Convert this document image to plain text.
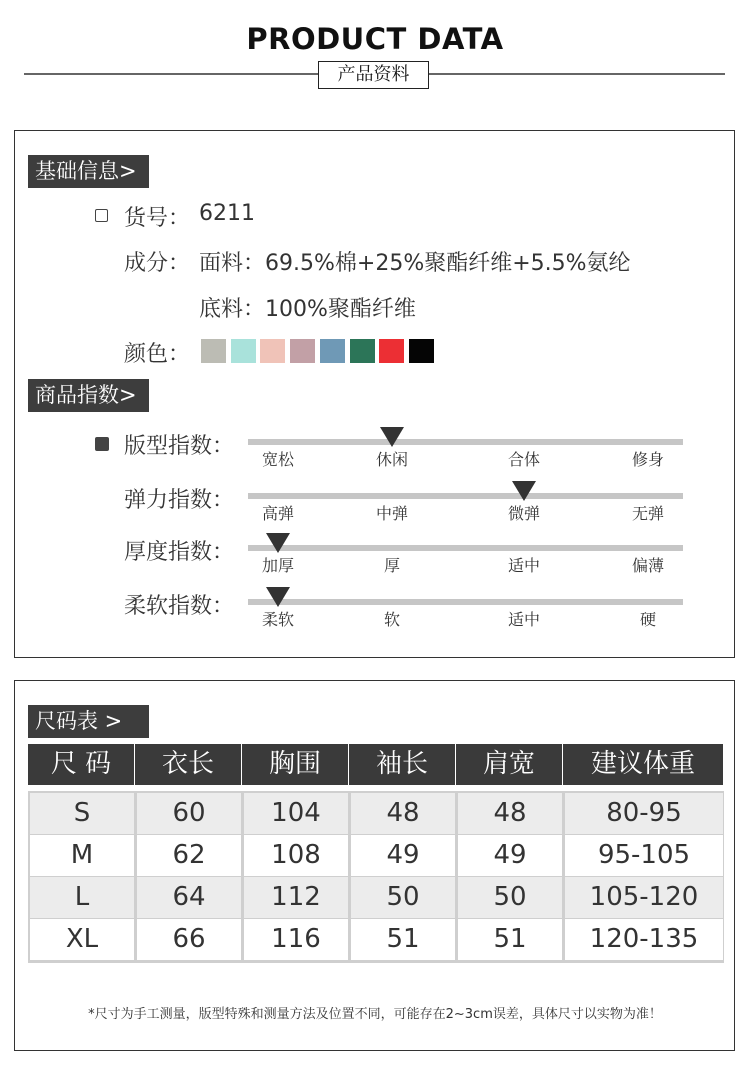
PRODUCT DATA
产品资料
基础信息>
货号： 6211
成分： 面料：69.5%棉+25%聚酯纤维+5.5%氨纶
底料：100%聚酯纤维
颜色：
商品指数>
版型指数：
宽松	休闲	合体	修身
弹力指数：
高弹	中弹	微弹	无弹
厚度指数：
加厚	厚	适中	偏薄
柔软指数：
柔软	软	适中	硬
尺码表 >
尺 码	衣长	胸围	袖长	肩宽	建议体重
S	60	104	48	48	80-95
M	62	108	49	49	95-105
L	64	112	50	50	105-120
XL	66	116	51	51	120-135
*尺寸为手工测量，版型特殊和测量方法及位置不同，可能存在2~3cm误差，具体尺寸以实物为准！
